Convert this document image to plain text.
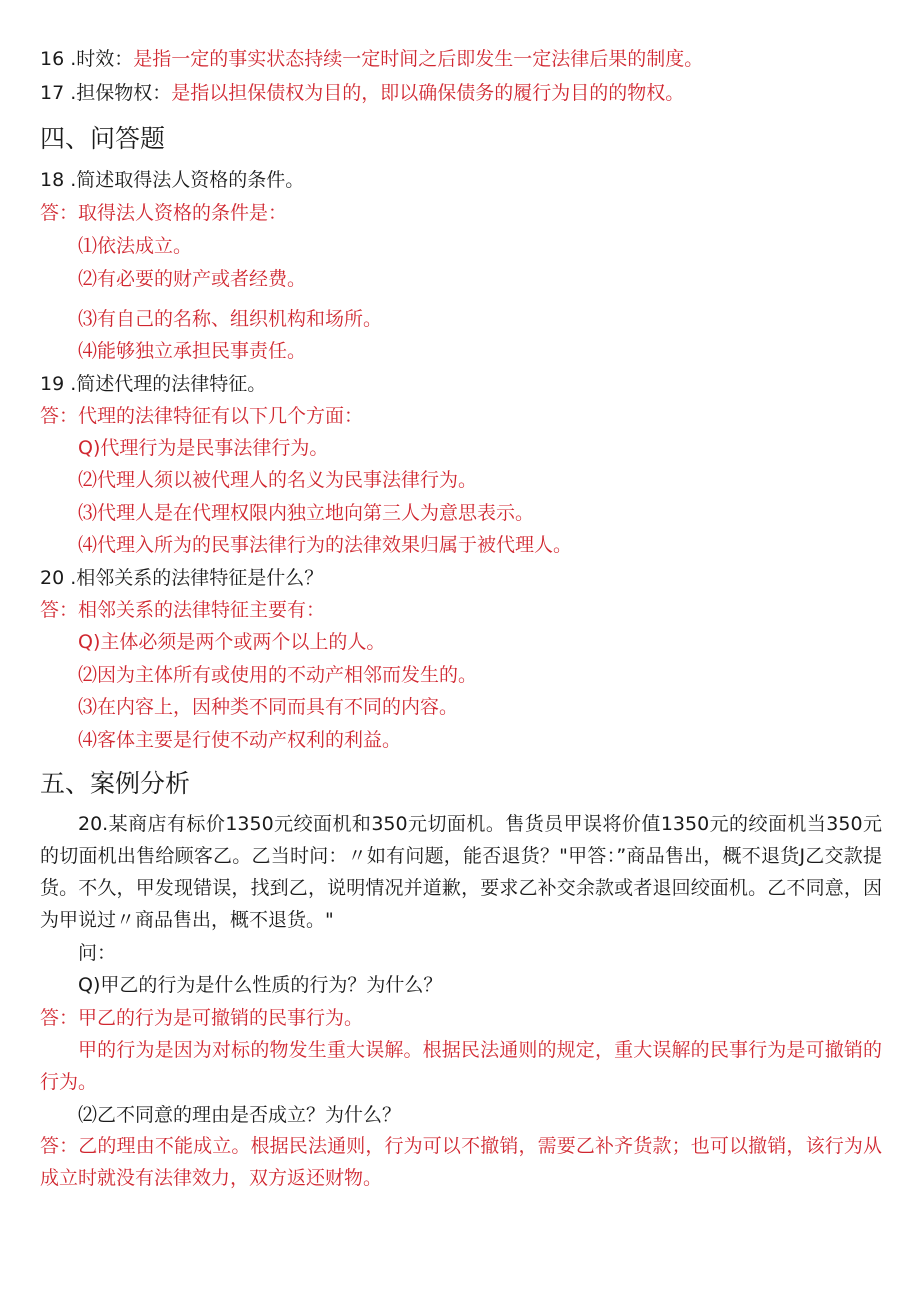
16 .时效：是指一定的事实状态持续一定时间之后即发生一定法律后果的制度。
17 .担保物权：是指以担保债权为目的，即以确保债务的履行为目的的物权。
四、问答题
18 .简述取得法人资格的条件。
答：取得法人资格的条件是：
⑴依法成立。
⑵有必要的财产或者经费。
⑶有自己的名称、组织机构和场所。
⑷能够独立承担民事责任。
19 .简述代理的法律特征。
答：代理的法律特征有以下几个方面：
Q)代理行为是民事法律行为。
⑵代理人须以被代理人的名义为民事法律行为。
⑶代理人是在代理权限内独立地向第三人为意思表示。
⑷代理入所为的民事法律行为的法律效果归属于被代理人。
20 .相邻关系的法律特征是什么？
答：相邻关系的法律特征主要有：
Q)主体必须是两个或两个以上的人。
⑵因为主体所有或使用的不动产相邻而发生的。
⑶在内容上，因种类不同而具有不同的内容。
⑷客体主要是行使不动产权利的利益。
五、案例分析
20.某商店有标价1350元绞面机和350元切面机。售货员甲误将价值1350元的绞面机当350元的切面机出售给顾客乙。乙当时问：〃如有问题，能否退货？"甲答：”商品售出，概不退货J乙交款提货。不久，甲发现错误，找到乙，说明情况并道歉，要求乙补交余款或者退回绞面机。乙不同意，因为甲说过〃商品售出，概不退货。"
问：
Q)甲乙的行为是什么性质的行为？为什么？
答：甲乙的行为是可撤销的民事行为。
甲的行为是因为对标的物发生重大误解。根据民法通则的规定，重大误解的民事行为是可撤销的行为。
⑵乙不同意的理由是否成立？为什么？
答：乙的理由不能成立。根据民法通则，行为可以不撤销，需要乙补齐货款；也可以撤销，该行为从成立时就没有法律效力，双方返还财物。
